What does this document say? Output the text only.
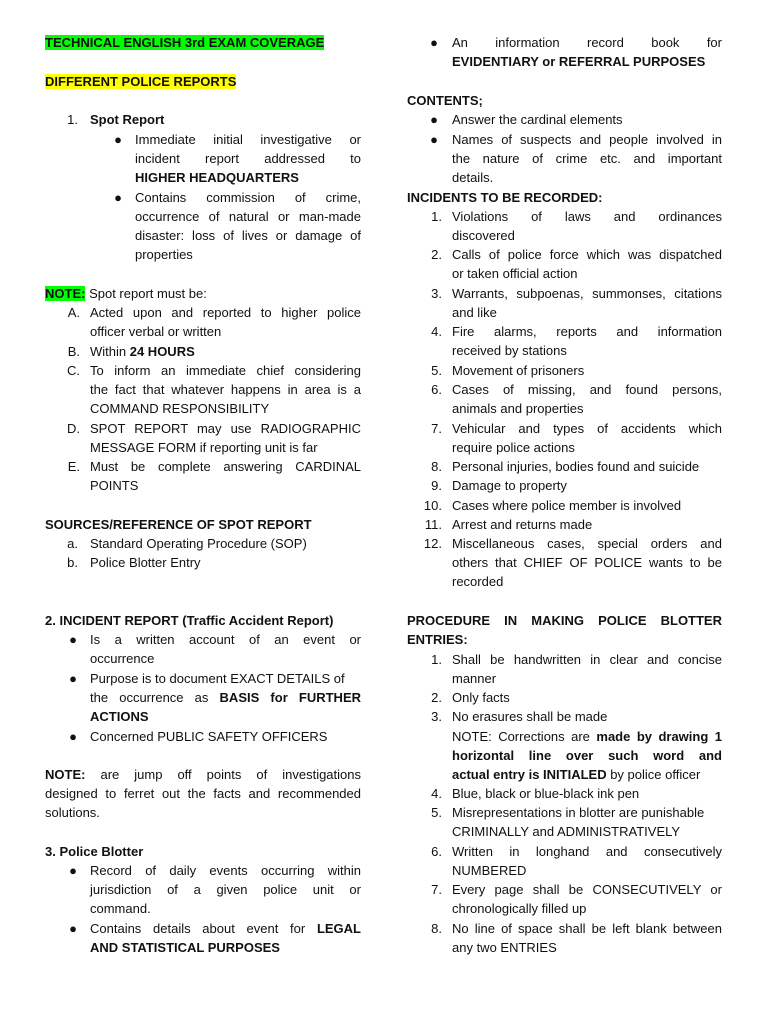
TECHNICAL ENGLISH 3rd EXAM COVERAGE
DIFFERENT POLICE REPORTS
1. Spot Report
● Immediate initial investigative or
incident report addressed to
HIGHER HEADQUARTERS
● Contains commission of crime,
occurrence of natural or man-made
disaster: loss of lives or damage of
properties
NOTE: Spot report must be:
A. Acted upon and reported to higher police
officer verbal or written
B. Within 24 HOURS
C. To inform an immediate chief considering
the fact that whatever happens in area is a
COMMAND RESPONSIBILITY
D. SPOT REPORT may use RADIOGRAPHIC
MESSAGE FORM if reporting unit is far
E. Must be complete answering CARDINAL
POINTS
SOURCES/REFERENCE OF SPOT REPORT
a. Standard Operating Procedure (SOP)
b. Police Blotter Entry
2. INCIDENT REPORT (Traffic Accident Report)
● Is a written account of an event or
occurrence
● Purpose is to document EXACT DETAILS of
the occurrence as BASIS for FURTHER
ACTIONS
● Concerned PUBLIC SAFETY OFFICERS
NOTE: are jump off points of investigations
designed to ferret out the facts and recommended
solutions.
3. Police Blotter
● Record of daily events occurring within
jurisdiction of a given police unit or
command.
● Contains details about event for LEGAL
AND STATISTICAL PURPOSES
● An information record book for
EVIDENTIARY or REFERRAL PURPOSES
CONTENTS;
● Answer the cardinal elements
● Names of suspects and people involved in
the nature of crime etc. and important
details.
INCIDENTS TO BE RECORDED:
1. Violations of laws and ordinances
discovered
2. Calls of police force which was dispatched
or taken official action
3. Warrants, subpoenas, summonses, citations
and like
4. Fire alarms, reports and information
received by stations
5. Movement of prisoners
6. Cases of missing, and found persons,
animals and properties
7. Vehicular and types of accidents which
require police actions
8. Personal injuries, bodies found and suicide
9. Damage to property
10. Cases where police member is involved
11. Arrest and returns made
12. Miscellaneous cases, special orders and
others that CHIEF OF POLICE wants to be
recorded
PROCEDURE IN MAKING POLICE BLOTTER
ENTRIES:
1. Shall be handwritten in clear and concise
manner
2. Only facts
3. No erasures shall be made
NOTE: Corrections are made by drawing 1
horizontal line over such word and
actual entry is INITIALED by police officer
4. Blue, black or blue-black ink pen
5. Misrepresentations in blotter are punishable
CRIMINALLY and ADMINISTRATIVELY
6. Written in longhand and consecutively
NUMBERED
7. Every page shall be CONSECUTIVELY or
chronologically filled up
8. No line of space shall be left blank between
any two ENTRIES
